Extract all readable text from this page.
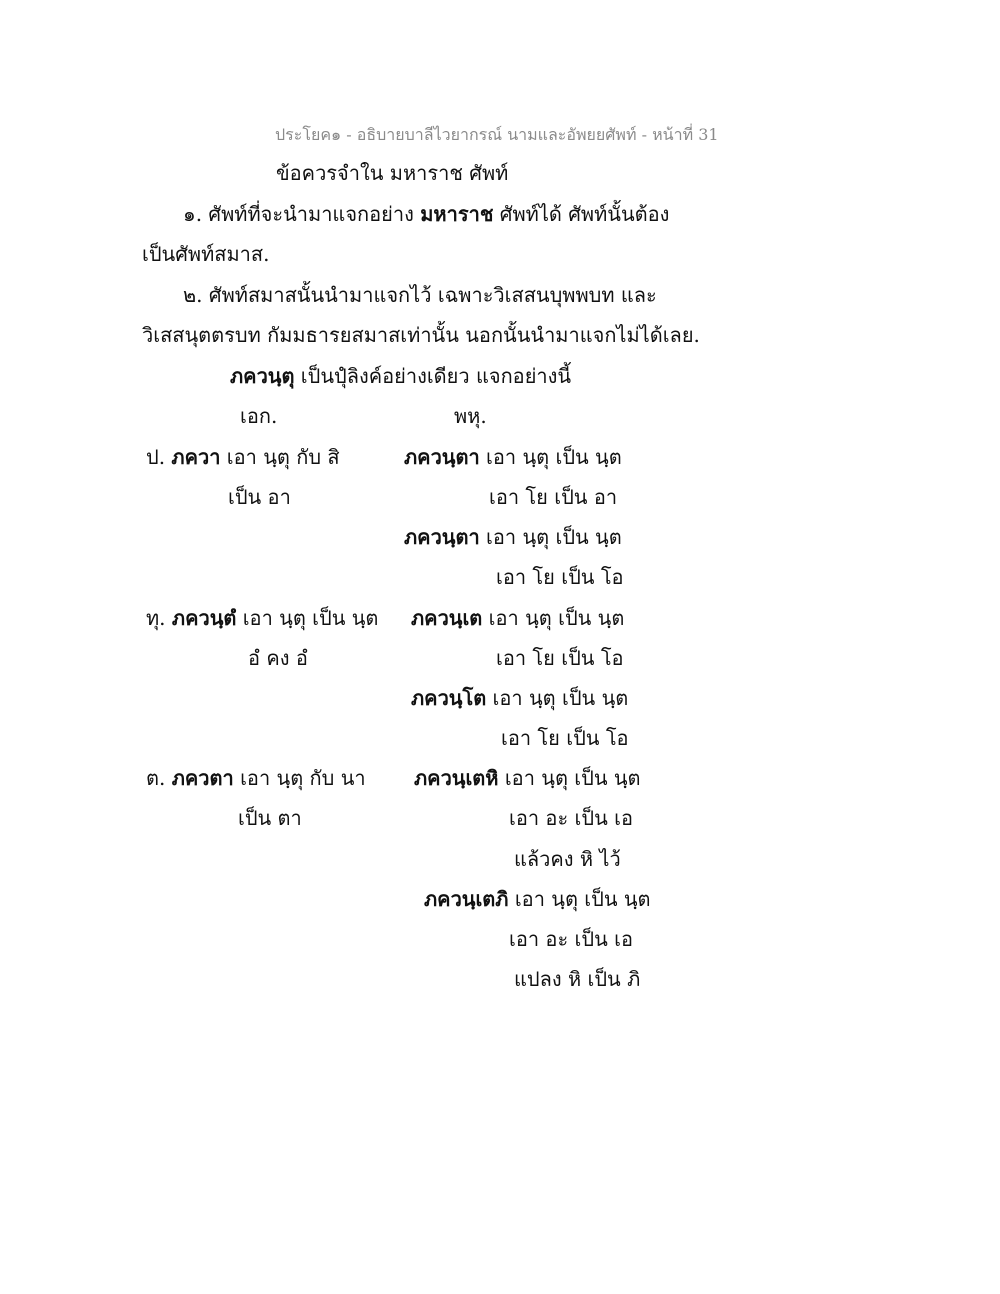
ประโยค๑ - อธิบายบาลีไวยากรณ์ นามและอัพยยศัพท์ - หน้าที่ 31
ข้อควรจำใน มหาราช ศัพท์
๑. ศัพท์ที่จะนำมาแจกอย่าง มหาราช ศัพท์ได้ ศัพท์นั้นต้อง
เป็นศัพท์สมาส.
๒. ศัพท์สมาสนั้นนำมาแจกไว้ เฉพาะวิเสสนบุพพบท และ
วิเสสนุตตรบท กัมมธารยสมาสเท่านั้น นอกนั้นนำมาแจกไม่ได้เลย.
ภควนฺตุ เป็นปุํลิงค์อย่างเดียว แจกอย่างนี้
เอก.	พหุ.
ป. ภควา เอา นฺตุ กับ สิ
เป็น อา
ภควนฺตา เอา นฺตุ เป็น นฺต
เอา โย เป็น อา
ภควนฺตา เอา นฺตุ เป็น นฺต
เอา โย เป็น โอ
ทุ. ภควนฺตํ เอา นฺตุ เป็น นฺต
อํ คง อํ
ภควนฺเต เอา นฺตุ เป็น นฺต
เอา โย เป็น โอ
ภควนฺโต เอา นฺตุ เป็น นฺต
เอา โย เป็น โอ
ต. ภควตา เอา นฺตุ กับ นา
เป็น ตา
ภควนฺเตหิ เอา นฺตุ เป็น นฺต
เอา อะ เป็น เอ
แล้วคง หิ ไว้
ภควนฺเตภิ เอา นฺตุ เป็น นฺต
เอา อะ เป็น เอ
แปลง หิ เป็น ภิ
